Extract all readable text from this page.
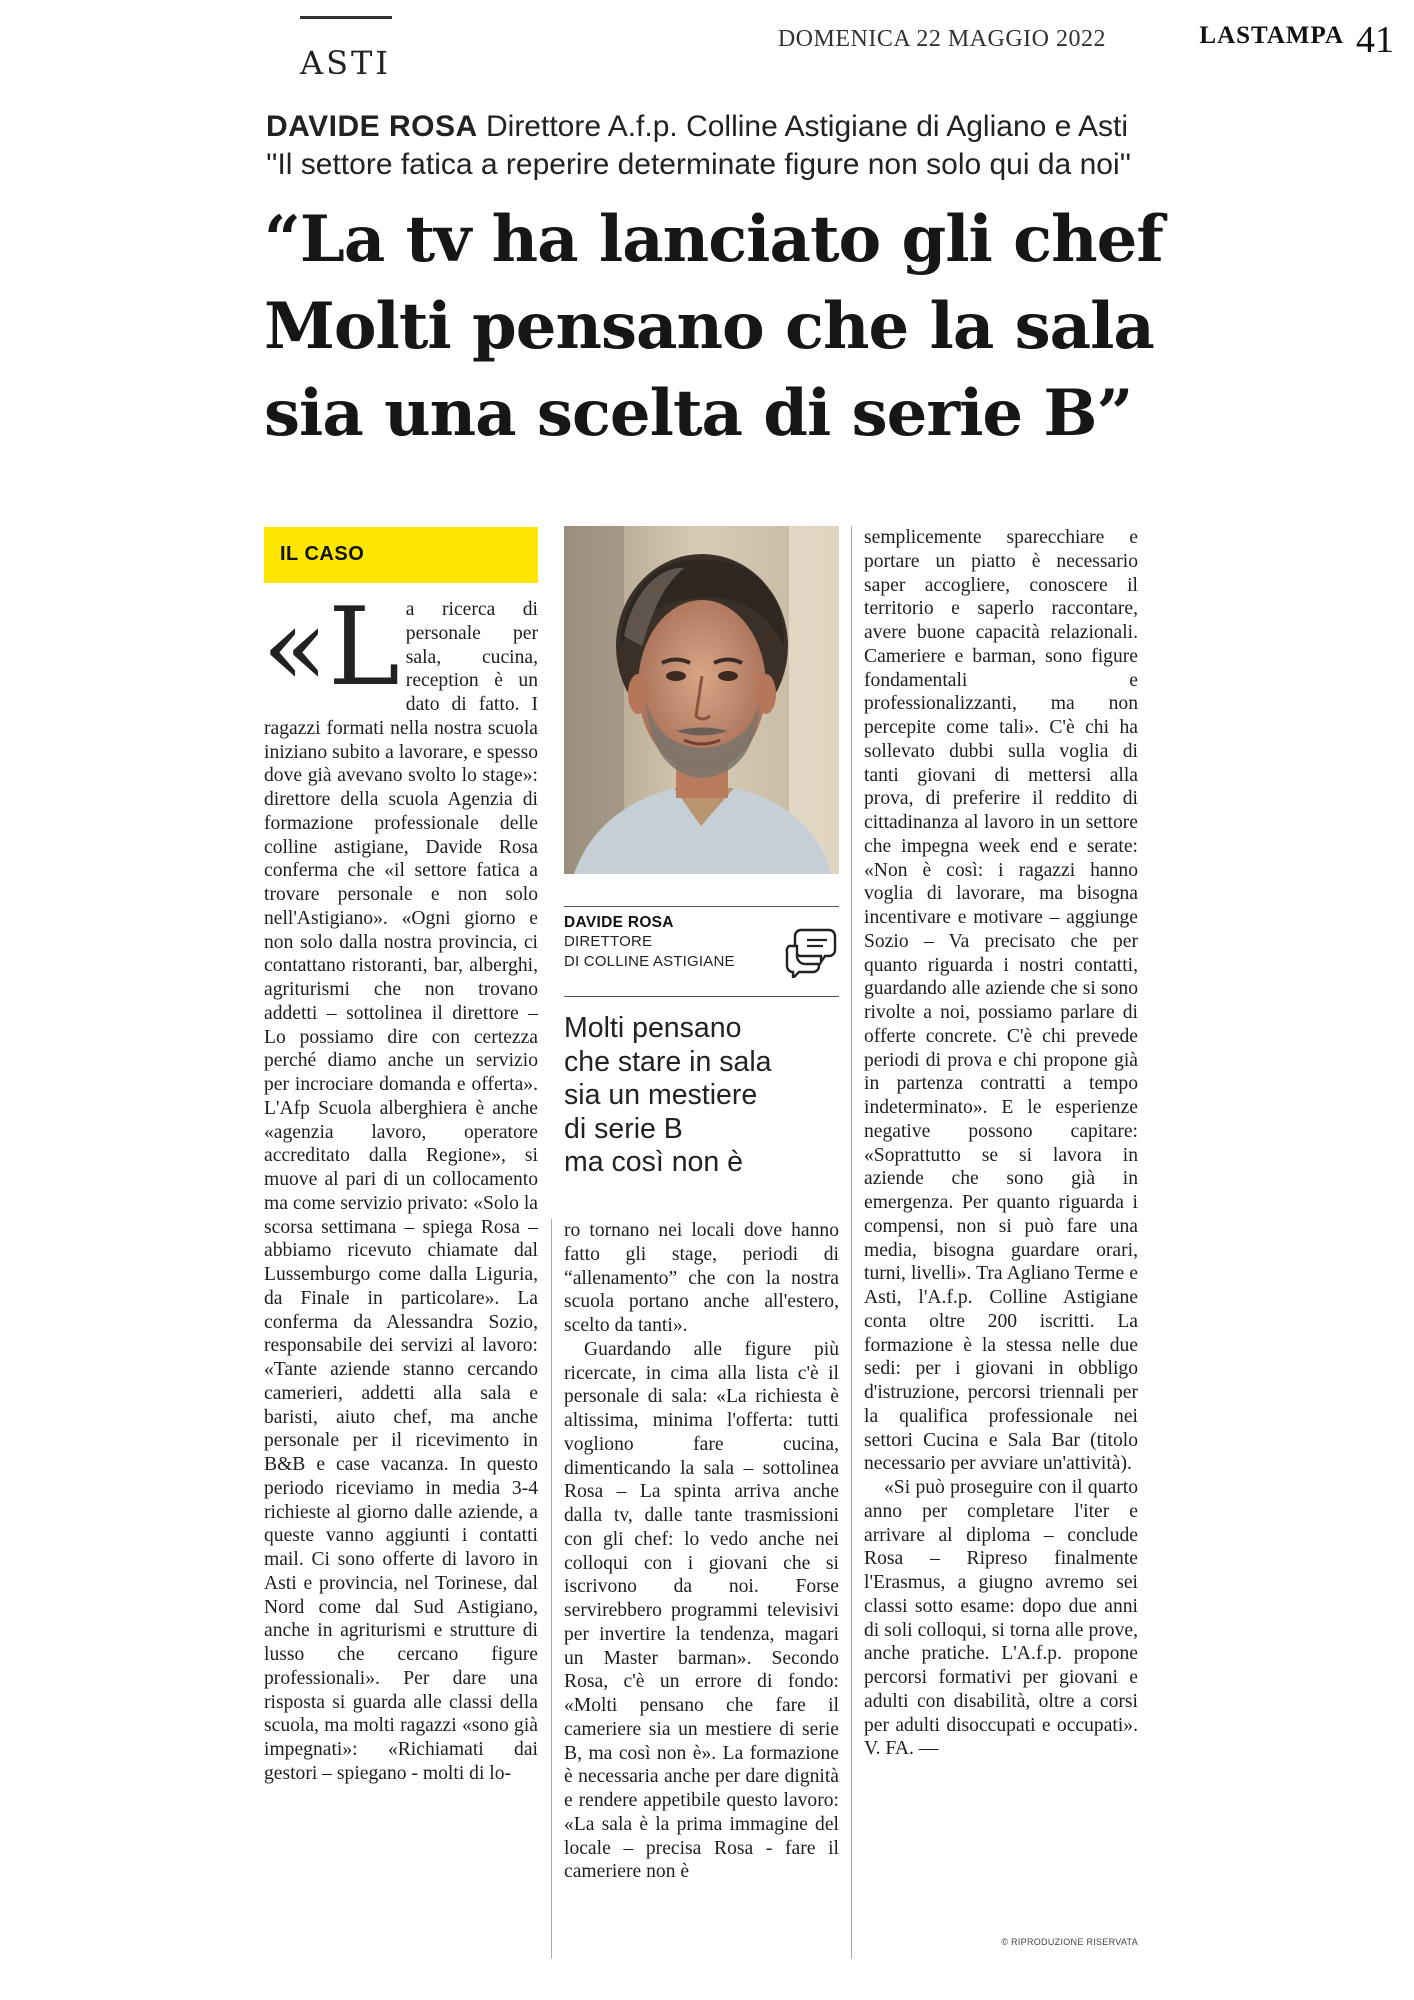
ASTI
DOMENICA 22 MAGGIO 2022	LASTAMPA 41
DAVIDE ROSA Direttore A.f.p. Colline Astigiane di Agliano e Asti
''Il settore fatica a reperire determinate figure non solo qui da noi''
“La tv ha lanciato gli chef
Molti pensano che la sala
sia una scelta di serie B”
IL CASO

«L a ricerca di personale per sala, cucina, reception è un dato di fatto. I ragazzi formati nella nostra scuola iniziano subito a lavorare, e spesso dove già avevano svolto lo stage»: direttore della scuola Agenzia di formazione professionale delle colline astigiane, Davide Rosa conferma che «il settore fatica a trovare personale e non solo nell'Astigiano». «Ogni giorno e non solo dalla nostra provincia, ci contattano ristoranti, bar, alberghi, agriturismi che non trovano addetti – sottolinea il direttore – Lo possiamo dire con certezza perché diamo anche un servizio per incrociare domanda e offerta». L'Afp Scuola alberghiera è anche «agenzia lavoro, operatore accreditato dalla Regione», si muove al pari di un collocamento ma come servizio privato: «Solo la scorsa settimana – spiega Rosa – abbiamo ricevuto chiamate dal Lussemburgo come dalla Liguria, da Finale in particolare». La conferma da Alessandra Sozio, responsabile dei servizi al lavoro: «Tante aziende stanno cercando camerieri, addetti alla sala e baristi, aiuto chef, ma anche personale per il ricevimento in B&B e case vacanza. In questo periodo riceviamo in media 3-4 richieste al giorno dalle aziende, a queste vanno aggiunti i contatti mail. Ci sono offerte di lavoro in Asti e provincia, nel Torinese, dal Nord come dal Sud Astigiano, anche in agriturismi e strutture di lusso che cercano figure professionali». Per dare una risposta si guarda alle classi della scuola, ma molti ragazzi «sono già impegnati»: «Richiamati dai gestori – spiegano - molti di lo-

DAVIDE ROSA
DIRETTORE
DI COLLINE ASTIGIANE
Molti pensano
che stare in sala
sia un mestiere
di serie B
ma così non è

ro tornano nei locali dove hanno fatto gli stage, periodi di “allenamento” che con la nostra scuola portano anche all'estero, scelto da tanti».

Guardando alle figure più ricercate, in cima alla lista c'è il personale di sala: «La richiesta è altissima, minima l'offerta: tutti vogliono fare cucina, dimenticando la sala – sottolinea Rosa – La spinta arriva anche dalla tv, dalle tante trasmissioni con gli chef: lo vedo anche nei colloqui con i giovani che si iscrivono da noi. Forse servirebbero programmi televisivi per invertire la tendenza, magari un Master barman». Secondo Rosa, c'è un errore di fondo: «Molti pensano che fare il cameriere sia un mestiere di serie B, ma così non è». La formazione è necessaria anche per dare dignità e rendere appetibile questo lavoro: «La sala è la prima immagine del locale – precisa Rosa - fare il cameriere non è

semplicemente sparecchiare e portare un piatto è necessario saper accogliere, conoscere il territorio e saperlo raccontare, avere buone capacità relazionali. Cameriere e barman, sono figure fondamentali e professionalizzanti, ma non percepite come tali». C'è chi ha sollevato dubbi sulla voglia di tanti giovani di mettersi alla prova, di preferire il reddito di cittadinanza al lavoro in un settore che impegna week end e serate: «Non è così: i ragazzi hanno voglia di lavorare, ma bisogna incentivare e motivare – aggiunge Sozio – Va precisato che per quanto riguarda i nostri contatti, guardando alle aziende che si sono rivolte a noi, possiamo parlare di offerte concrete. C'è chi prevede periodi di prova e chi propone già in partenza contratti a tempo indeterminato». E le esperienze negative possono capitare: «Soprattutto se si lavora in aziende che sono già in emergenza. Per quanto riguarda i compensi, non si può fare una media, bisogna guardare orari, turni, livelli». Tra Agliano Terme e Asti, l'A.f.p. Colline Astigiane conta oltre 200 iscritti. La formazione è la stessa nelle due sedi: per i giovani in obbligo d'istruzione, percorsi triennali per la qualifica professionale nei settori Cucina e Sala Bar (titolo necessario per avviare un'attività).

«Si può proseguire con il quarto anno per completare l'iter e arrivare al diploma – conclude Rosa – Ripreso finalmente l'Erasmus, a giugno avremo sei classi sotto esame: dopo due anni di soli colloqui, si torna alle prove, anche pratiche. L'A.f.p. propone percorsi formativi per giovani e adulti con disabilità, oltre a corsi per adulti disoccupati e occupati». V. FA. —

© RIPRODUZIONE RISERVATA
